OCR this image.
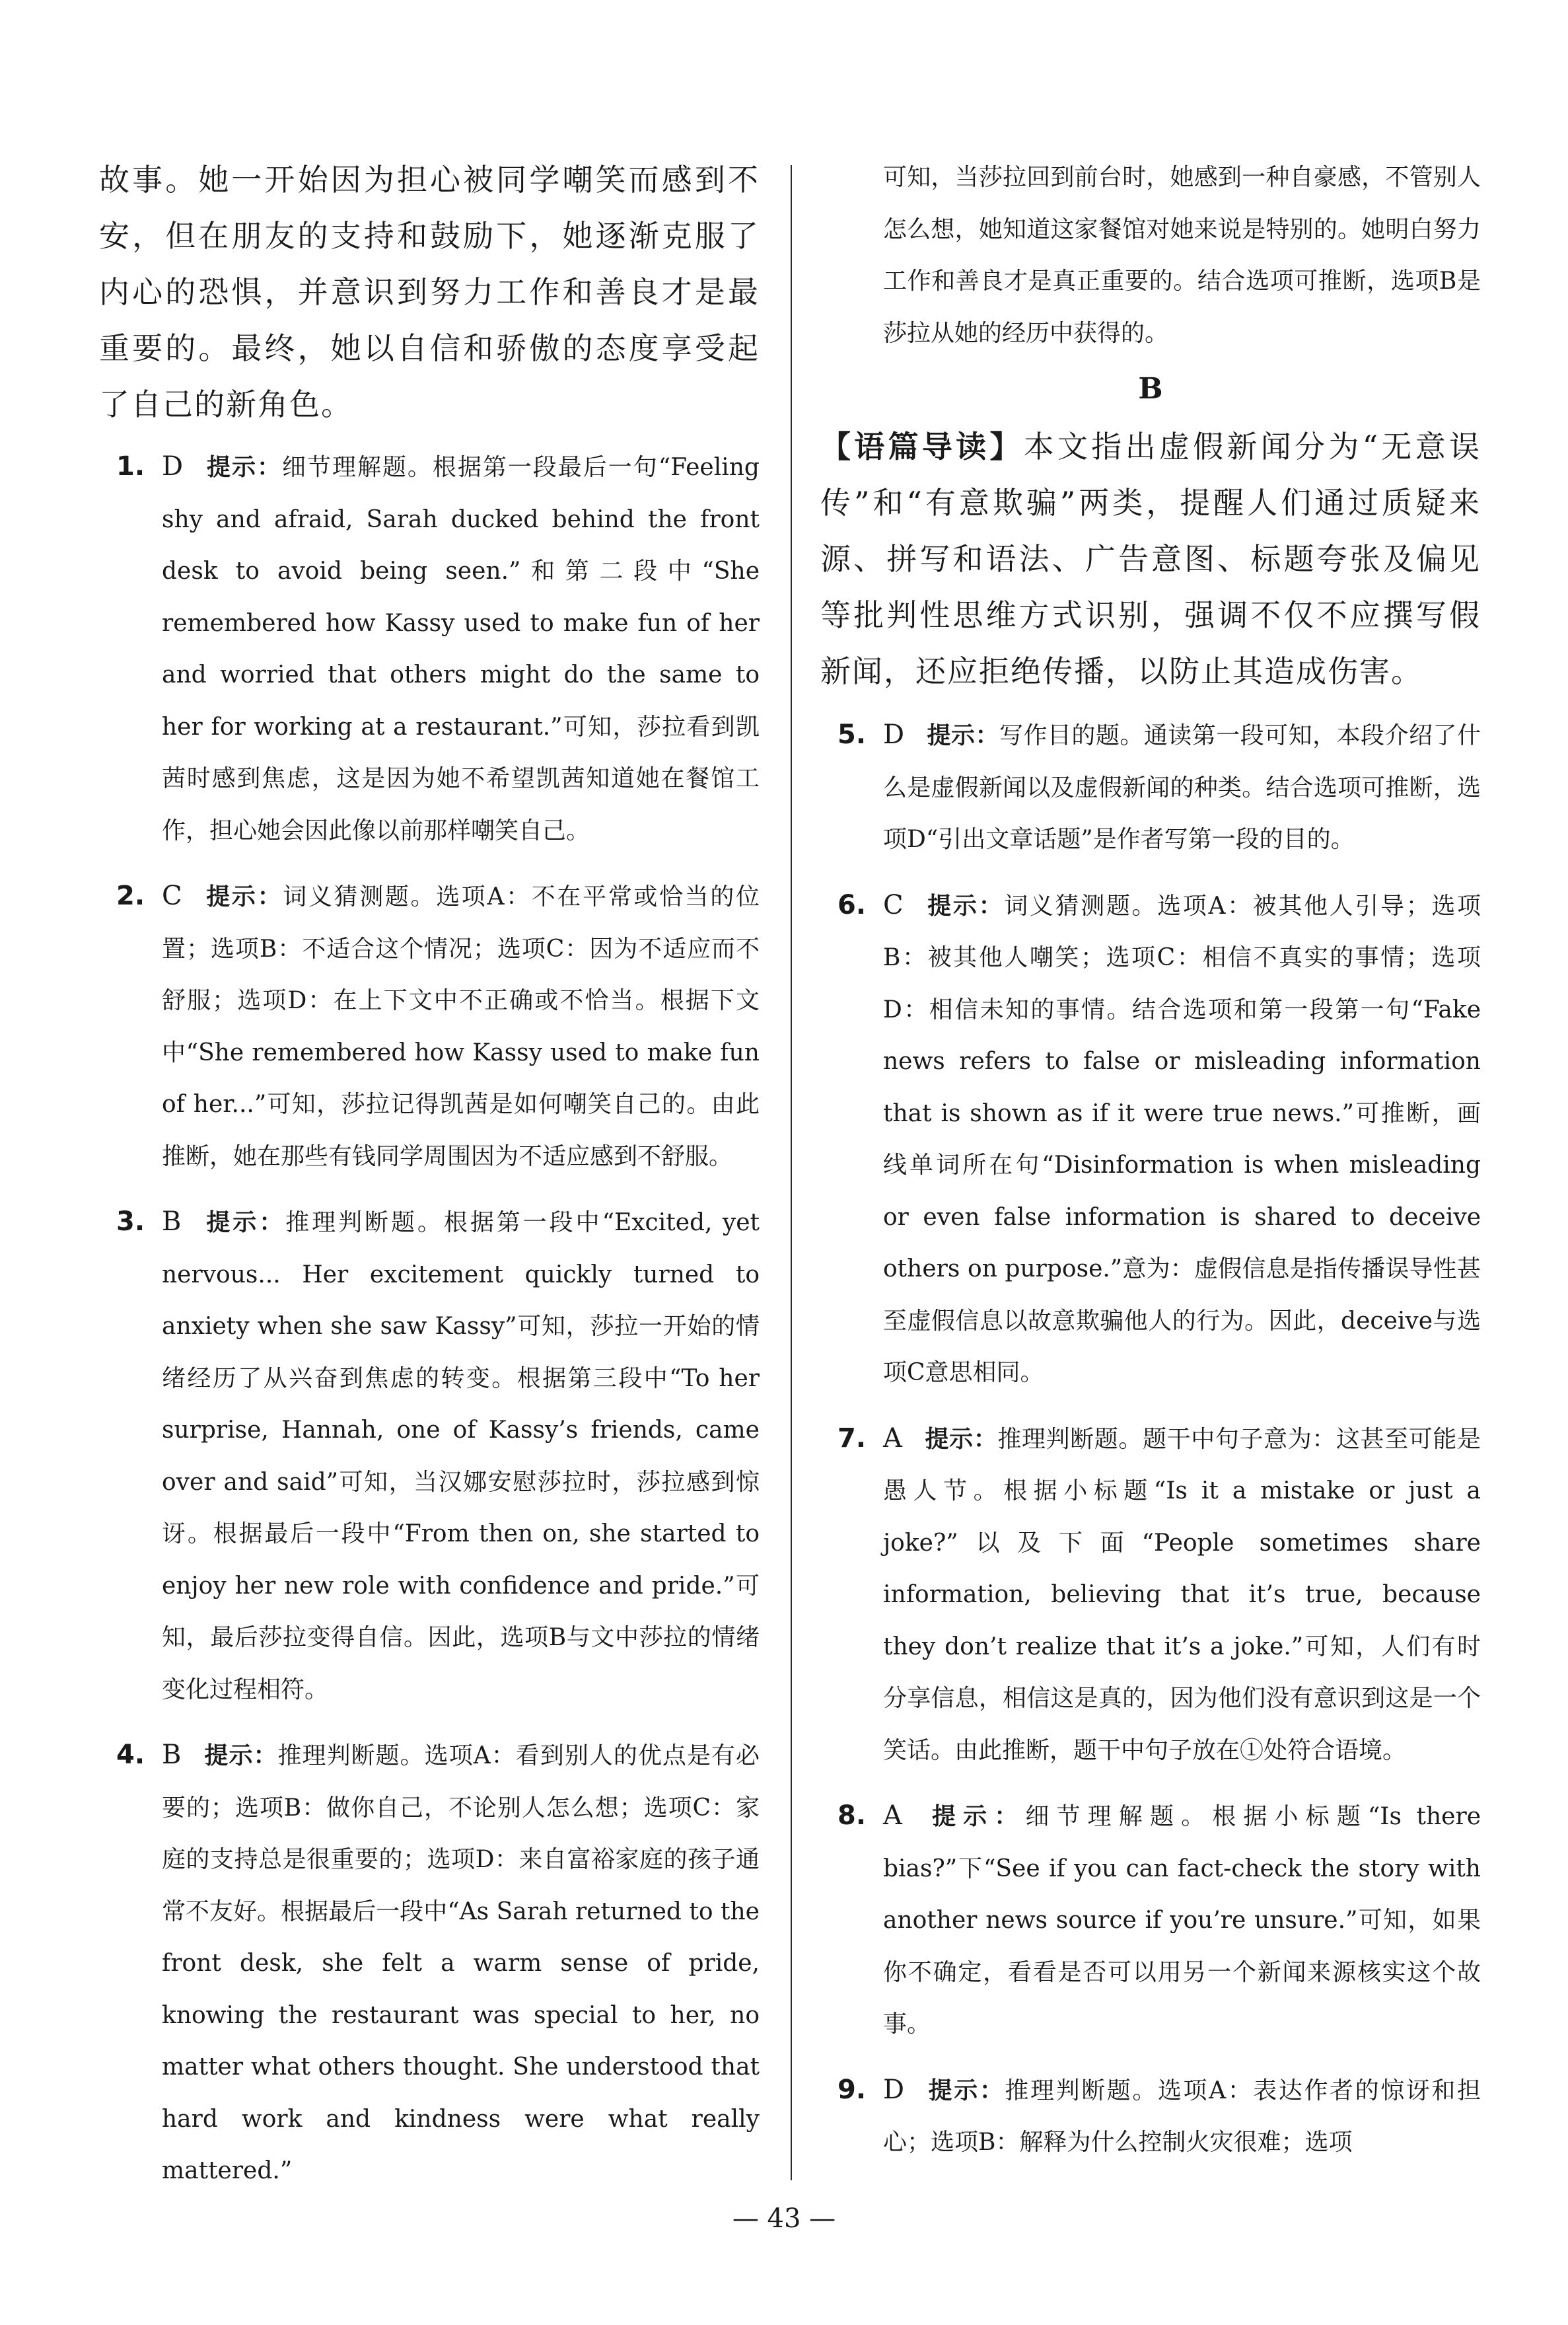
故事。她一开始因为担心被同学嘲笑而感到不安，但在朋友的支持和鼓励下，她逐渐克服了内心的恐惧，并意识到努力工作和善良才是最重要的。最终，她以自信和骄傲的态度享受起了自己的新角色。

1. D 提示：细节理解题。根据第一段最后一句“Feeling shy and afraid, Sarah ducked behind the front desk to avoid being seen.”和第二段中“She remembered how Kassy used to make fun of her and worried that others might do the same to her for working at a restaurant.”可知，莎拉看到凯茜时感到焦虑，这是因为她不希望凯茜知道她在餐馆工作，担心她会因此像以前那样嘲笑自己。
2. C 提示：词义猜测题。选项A：不在平常或恰当的位置；选项B：不适合这个情况；选项C：因为不适应而不舒服；选项D：在上下文中不正确或不恰当。根据下文中“She remembered how Kassy used to make fun of her...”可知，莎拉记得凯茜是如何嘲笑自己的。由此推断，她在那些有钱同学周围因为不适应感到不舒服。
3. B 提示：推理判断题。根据第一段中“Excited, yet nervous... Her excitement quickly turned to anxiety when she saw Kassy”可知，莎拉一开始的情绪经历了从兴奋到焦虑的转变。根据第三段中“To her surprise, Hannah, one of Kassy’s friends, came over and said”可知，当汉娜安慰莎拉时，莎拉感到惊讶。根据最后一段中“From then on, she started to enjoy her new role with confidence and pride.”可知，最后莎拉变得自信。因此，选项B与文中莎拉的情绪变化过程相符。
4. B 提示：推理判断题。选项A：看到别人的优点是有必要的；选项B：做你自己，不论别人怎么想；选项C：家庭的支持总是很重要的；选项D：来自富裕家庭的孩子通常不友好。根据最后一段中“As Sarah returned to the front desk, she felt a warm sense of pride, knowing the restaurant was special to her, no matter what others thought. She understood that hard work and kindness were what really mattered.”

可知，当莎拉回到前台时，她感到一种自豪感，不管别人怎么想，她知道这家餐馆对她来说是特别的。她明白努力工作和善良才是真正重要的。结合选项可推断，选项B是莎拉从她的经历中获得的。

B

【语篇导读】本文指出虚假新闻分为“无意误传”和“有意欺骗”两类，提醒人们通过质疑来源、拼写和语法、广告意图、标题夸张及偏见等批判性思维方式识别，强调不仅不应撰写假新闻，还应拒绝传播，以防止其造成伤害。

5. D 提示：写作目的题。通读第一段可知，本段介绍了什么是虚假新闻以及虚假新闻的种类。结合选项可推断，选项D“引出文章话题”是作者写第一段的目的。
6. C 提示：词义猜测题。选项A：被其他人引导；选项B：被其他人嘲笑；选项C：相信不真实的事情；选项D：相信未知的事情。结合选项和第一段第一句“Fake news refers to false or misleading information that is shown as if it were true news.”可推断，画线单词所在句“Disinformation is when misleading or even false information is shared to deceive others on purpose.”意为：虚假信息是指传播误导性甚至虚假信息以故意欺骗他人的行为。因此，deceive与选项C意思相同。
7. A 提示：推理判断题。题干中句子意为：这甚至可能是愚人节。根据小标题“Is it a mistake or just a joke?”以及下面“People sometimes share information, believing that it’s true, because they don’t realize that it’s a joke.”可知，人们有时分享信息，相信这是真的，因为他们没有意识到这是一个笑话。由此推断，题干中句子放在①处符合语境。
8. A 提示：细节理解题。根据小标题“Is there bias?”下“See if you can fact-check the story with another news source if you’re unsure.”可知，如果你不确定，看看是否可以用另一个新闻来源核实这个故事。
9. D 提示：推理判断题。选项A：表达作者的惊讶和担心；选项B：解释为什么控制火灾很难；选项
— 43 —
